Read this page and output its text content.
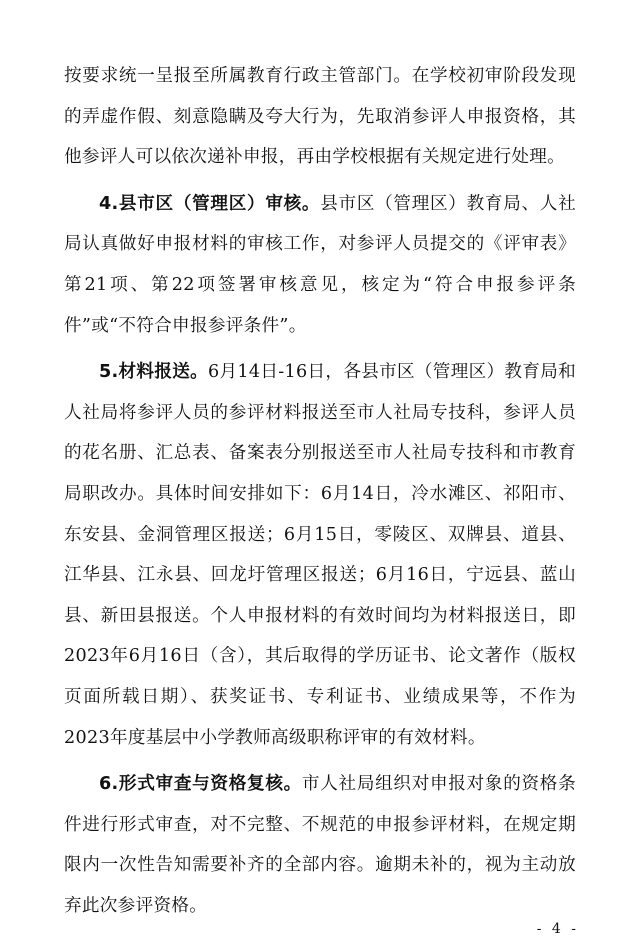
按要求统一呈报至所属教育行政主管部门。在学校初审阶段发现的弄虚作假、刻意隐瞒及夸大行为，先取消参评人申报资格，其他参评人可以依次递补申报，再由学校根据有关规定进行处理。

4.县市区（管理区）审核。县市区（管理区）教育局、人社局认真做好申报材料的审核工作，对参评人员提交的《评审表》第21项、第22项签署审核意见，核定为“符合申报参评条件”或“不符合申报参评条件”。

5.材料报送。6月14日-16日，各县市区（管理区）教育局和人社局将参评人员的参评材料报送至市人社局专技科，参评人员的花名册、汇总表、备案表分别报送至市人社局专技科和市教育局职改办。具体时间安排如下：6月14日，冷水滩区、祁阳市、东安县、金洞管理区报送；6月15日，零陵区、双牌县、道县、江华县、江永县、回龙圩管理区报送；6月16日，宁远县、蓝山县、新田县报送。个人申报材料的有效时间均为材料报送日，即2023年6月16日（含），其后取得的学历证书、论文著作（版权页面所载日期）、获奖证书、专利证书、业绩成果等，不作为2023年度基层中小学教师高级职称评审的有效材料。

6.形式审查与资格复核。市人社局组织对申报对象的资格条件进行形式审查，对不完整、不规范的申报参评材料，在规定期限内一次性告知需要补齐的全部内容。逾期未补的，视为主动放弃此次参评资格。

- 4 -
